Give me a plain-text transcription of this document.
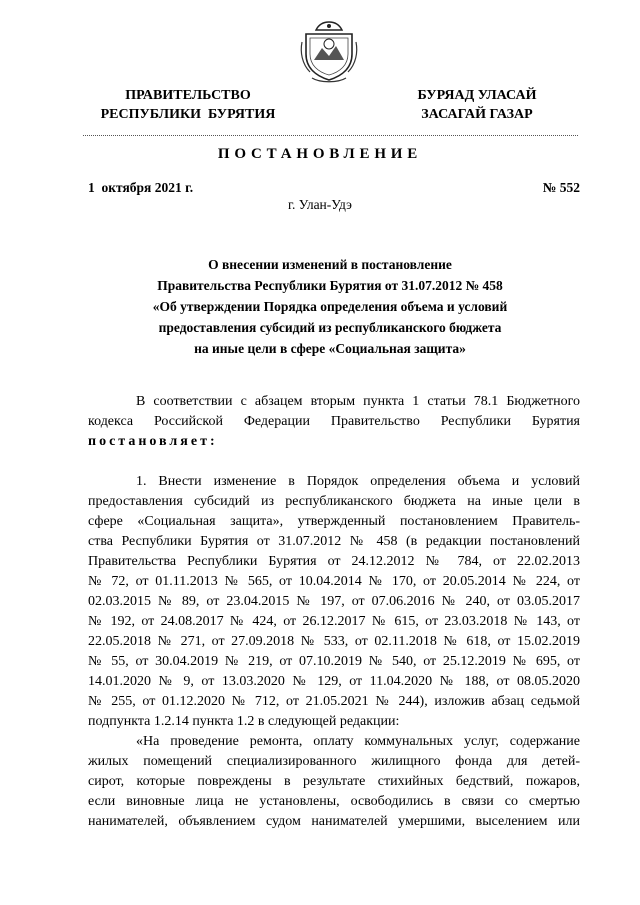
ПРАВИТЕЛЬСТВО
РЕСПУБЛИКИ  БУРЯТИЯ
БУРЯАД УЛАСАЙ
ЗАСАГАЙ ГАЗАР
ПОСТАНОВЛЕНИЕ
1  октября 2021 г.	№ 552
г. Улан-Удэ
О внесении изменений в постановление
Правительства Республики Бурятия от 31.07.2012 № 458
«Об утверждении Порядка определения объема и условий
предоставления субсидий из республиканского бюджета
на иные цели в сфере «Социальная защита»
В соответствии с абзацем вторым пункта 1 статьи 78.1 Бюджетного
кодекса Российской Федерации Правительство Республики Бурятия
постановляет:
1. Внести изменение в Порядок определения объема и условий
предоставления субсидий из республиканского бюджета на иные цели в
сфере «Социальная защита», утвержденный постановлением Правитель-
ства Республики Бурятия от 31.07.2012 № 458 (в редакции постановлений
Правительства Республики Бурятия от 24.12.2012 № 784, от 22.02.2013
№ 72, от 01.11.2013 № 565, от 10.04.2014 № 170, от 20.05.2014 № 224, от
02.03.2015 № 89, от 23.04.2015 № 197, от 07.06.2016 № 240, от 03.05.2017
№ 192, от 24.08.2017 № 424, от 26.12.2017 № 615, от 23.03.2018 № 143, от
22.05.2018 № 271, от 27.09.2018 № 533, от 02.11.2018 № 618, от 15.02.2019
№ 55, от 30.04.2019 № 219, от 07.10.2019 № 540, от 25.12.2019 № 695, от
14.01.2020 № 9, от 13.03.2020 № 129, от 11.04.2020 № 188, от 08.05.2020
№ 255, от 01.12.2020 № 712, от 21.05.2021 № 244), изложив абзац седьмой
подпункта 1.2.14 пункта 1.2 в следующей редакции:
«На проведение ремонта, оплату коммунальных услуг, содержание
жилых помещений специализированного жилищного фонда для детей-
сирот, которые повреждены в результате стихийных бедствий, пожаров,
если виновные лица не установлены, освободились в связи со смертью
нанимателей, объявлением судом нанимателей умершими, выселением или
